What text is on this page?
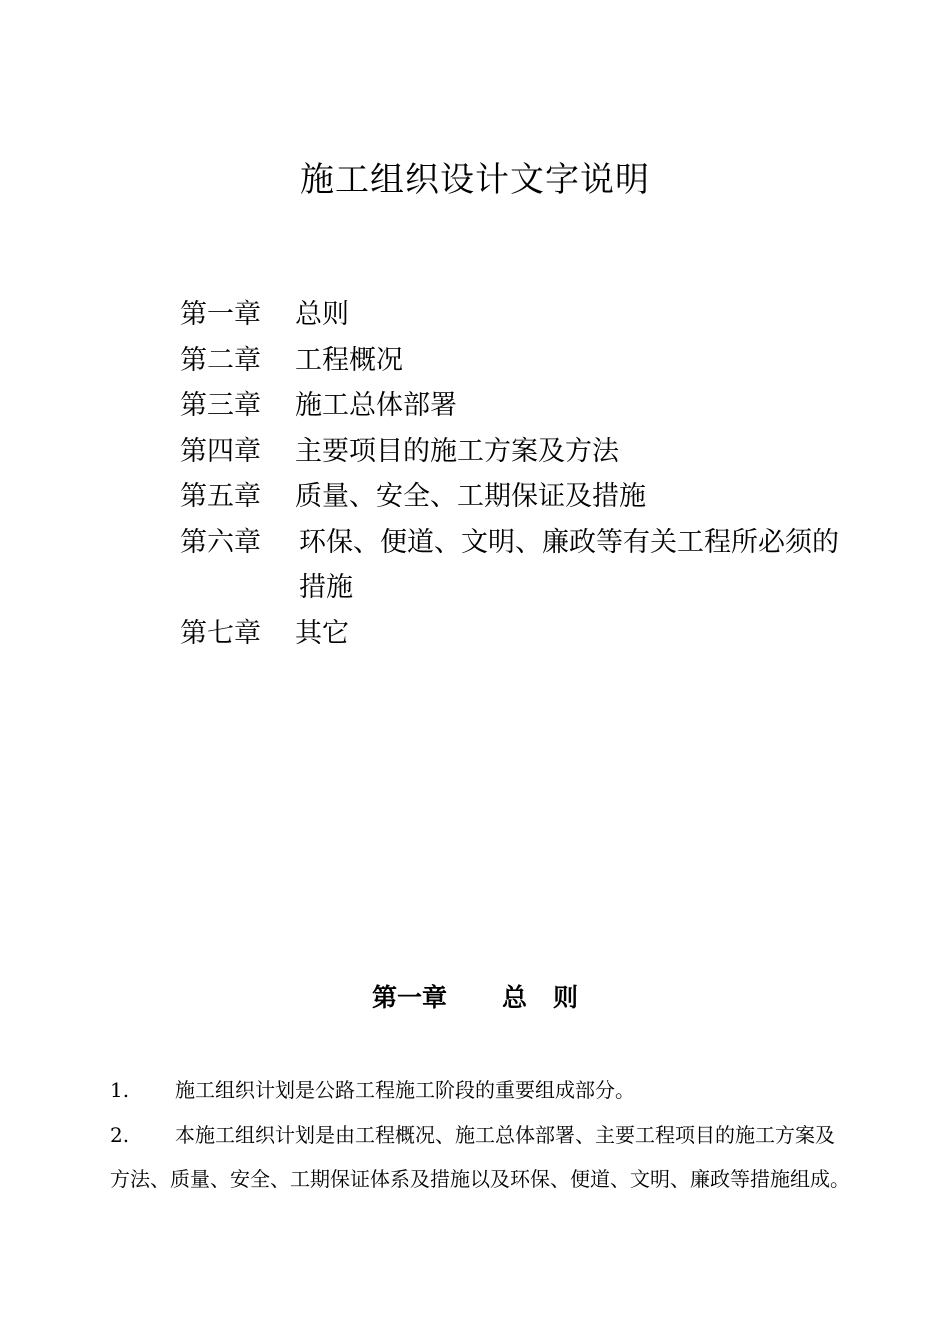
施工组织设计文字说明
第一章	总则
第二章	工程概况
第三章	施工总体部署
第四章	主要项目的施工方案及方法
第五章	质量、安全、工期保证及措施
第六章	环保、便道、文明、廉政等有关工程所必须的措施
第七章	其它
第一章 总 则
1. 施工组织计划是公路工程施工阶段的重要组成部分。
2. 本施工组织计划是由工程概况、施工总体部署、主要工程项目的施工方案及方法、质量、安全、工期保证体系及措施以及环保、便道、文明、廉政等措施组成。
